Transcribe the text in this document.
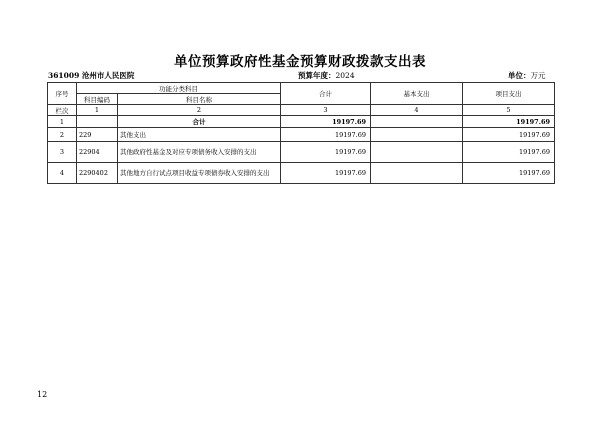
单位预算政府性基金预算财政拨款支出表
361009 沧州市人民医院	预算年度：2024	单位：万元
序号	功能分类科目		合计	基本支出	项目支出
	科目编码	科目名称			
栏次	1	2	3	4	5
1		合计	19197.69		19197.69
2	229	其他支出	19197.69		19197.69
3	22904	其他政府性基金及对应专项债务收入安排的支出	19197.69		19197.69
4	2290402	其他地方自行试点项目收益专项债券收入安排的支出	19197.69		19197.69
12
